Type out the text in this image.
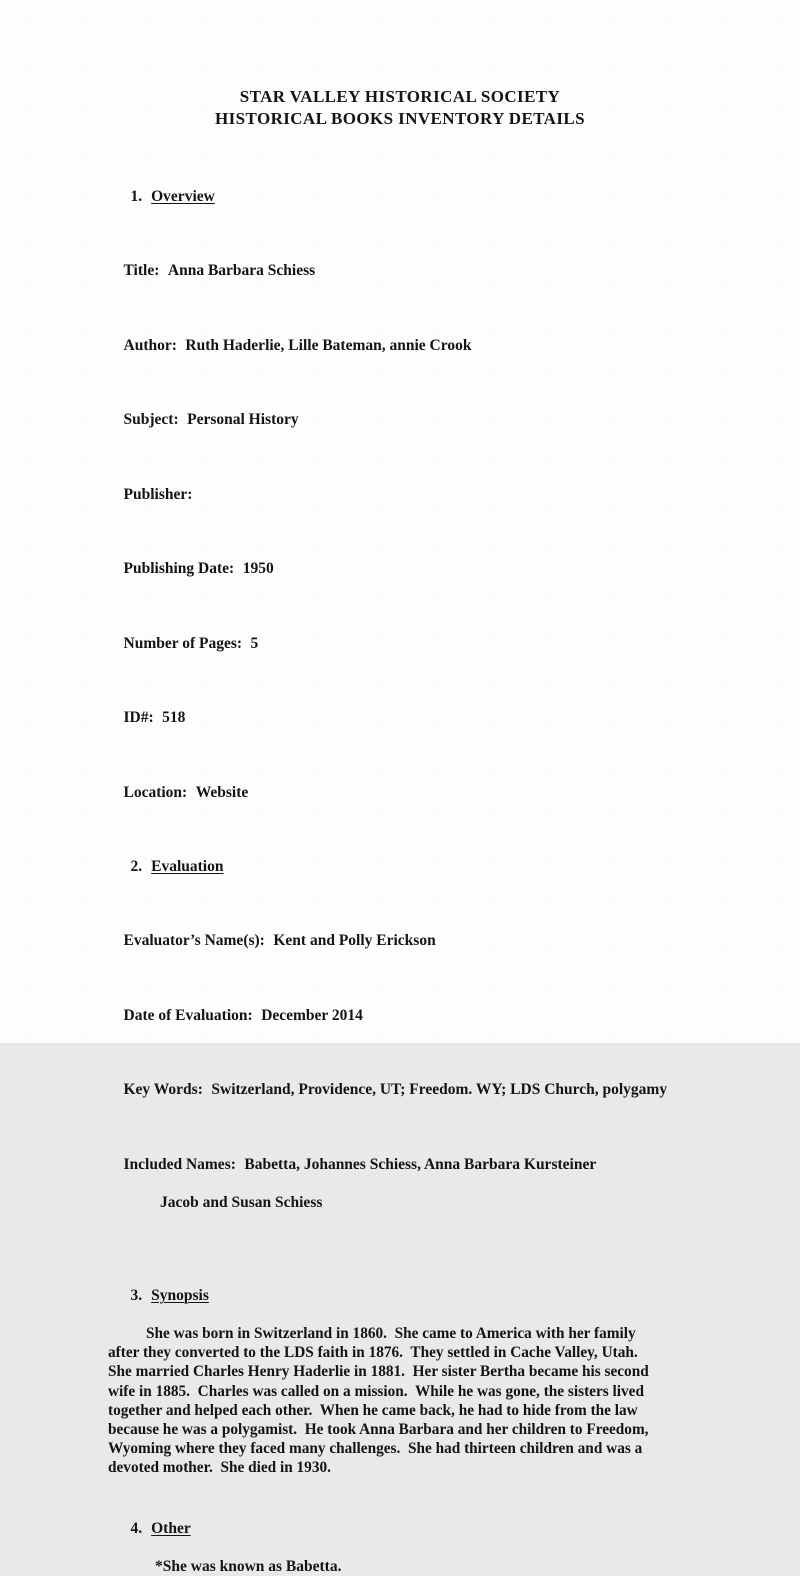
STAR VALLEY HISTORICAL SOCIETY
HISTORICAL BOOKS INVENTORY DETAILS

1. Overview

Title: Anna Barbara Schiess

Author: Ruth Haderlie, Lille Bateman, annie Crook

Subject: Personal History

Publisher:

Publishing Date: 1950

Number of Pages: 5

ID#: 518

Location: Website

2. Evaluation

Evaluator’s Name(s): Kent and Polly Erickson

Date of Evaluation: December 2014

Key Words: Switzerland, Providence, UT; Freedom. WY; LDS Church, polygamy

Included Names: Babetta, Johannes Schiess, Anna Barbara Kursteiner

Jacob and Susan Schiess

3. Synopsis

She was born in Switzerland in 1860.  She came to America with her family
after they converted to the LDS faith in 1876.  They settled in Cache Valley, Utah.
She married Charles Henry Haderlie in 1881.  Her sister Bertha became his second
wife in 1885.  Charles was called on a mission.  While he was gone, the sisters lived
together and helped each other.  When he came back, he had to hide from the law
because he was a polygamist.  He took Anna Barbara and her children to Freedom,
Wyoming where they faced many challenges.  She had thirteen children and was a
devoted mother.  She died in 1930.

4. Other

*She was known as Babetta.
